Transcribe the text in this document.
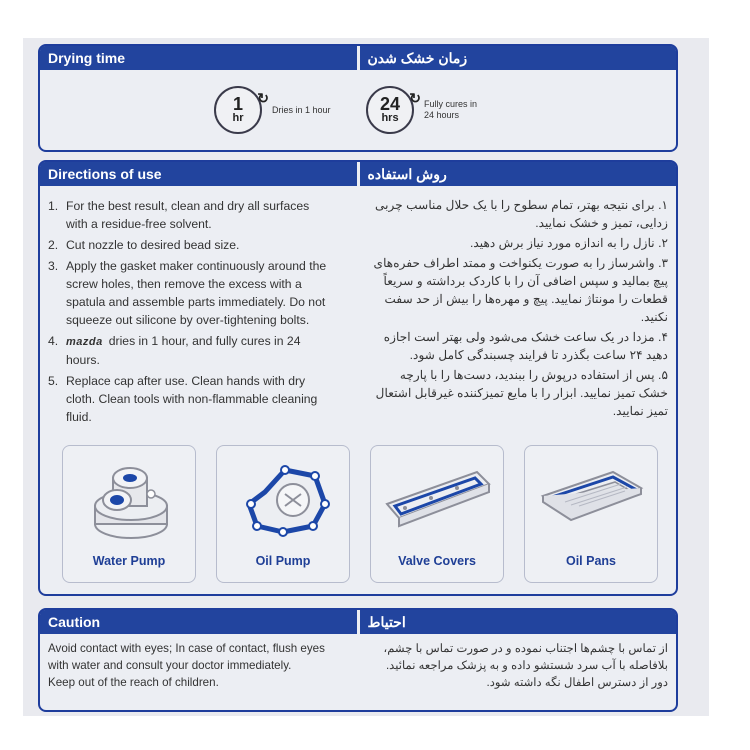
Drying time	زمان خشک شدن
↻
1
hr
Dries in 1 hour
↻
24
hrs
Fully cures in 24 hours
Directions of use	روش استفاده
1. For the best result, clean and dry all surfaces with a residue-free solvent.
2. Cut nozzle to desired bead size.
3. Apply the gasket maker continuously around the screw holes, then remove the excess with a spatula and assemble parts immediately. Do not squeeze out silicone by over-tightening bolts.
4. mazda dries in 1 hour, and fully cures in 24 hours.
5. Replace cap after use. Clean hands with dry cloth. Clean tools with non-flammable cleaning fluid.

۱. برای نتیجه بهتر، تمام سطوح را با یک حلال مناسب چربی زدایی، تمیز و خشک نمایید.

۲. نازل را به اندازه مورد نیاز برش دهید.

۳. واشرساز را به صورت یکنواخت و ممتد اطراف حفره‌های پیچ بمالید و سپس اضافی آن را با کاردک برداشته و سریعاً قطعات را مونتاژ نمایید. پیچ و مهره‌ها را بیش از حد سفت نکنید.

۴. مزدا در یک ساعت خشک می‌شود ولی بهتر است اجازه دهید ۲۴ ساعت بگذرد تا فرایند چسبندگی کامل شود.

۵. پس از استفاده درپوش را ببندید، دست‌ها را با پارچه خشک تمیز نمایید. ابزار را با مایع تمیزکننده غیرقابل اشتعال تمیز نمایید.

Water Pump	Oil Pump	Valve Covers	Oil Pans
Caution	احتیاط
Avoid contact with eyes; In case of contact, flush eyes with water and consult your doctor immediately.
Keep out of the reach of children.
از تماس با چشم‌ها اجتناب نموده و در صورت تماس با چشم، بلافاصله با آب سرد شستشو داده و به پزشک مراجعه نمائید.
دور از دسترس اطفال نگه داشته شود.
